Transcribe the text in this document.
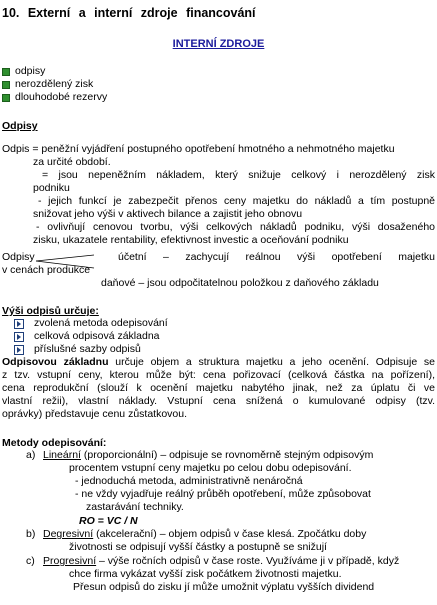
10. Externí a interní zdroje financování
INTERNÍ ZDROJE
odpisy
nerozdělený zisk
dlouhodobé rezervy
Odpisy
Odpis = peněžní vyjádření postupného opotřebení hmotného a nehmotného majetku
za určité období.
= jsou nepeněžním nákladem, který snižuje celkový i nerozdělený zisk
podniku
- jejich funkcí je zabezpečit přenos ceny majetku do nákladů a tím postupně
snižovat jeho výši v aktivech bilance a zajistit jeho obnovu
- ovlivňují cenovou tvorbu, výši celkových nákladů podniku, výši dosaženého
zisku, ukazatele rentability, efektivnost investic a oceňování podniku
Odpisy	účetní – zachycují reálnou výši opotřebení majetku
v cenách produkce
daňové – jsou odpočitatelnou položkou z daňového základu
Výši odpisů určuje:
zvolená metoda odepisování
celková odpisová základna
příslušné sazby odpisů
Odpisovou základnu určuje objem a struktura majetku a jeho ocenění. Odpisuje se
z tzv. vstupní ceny, kterou může být: cena pořizovací (celková částka na pořízení),
cena reprodukční (slouží k ocenění majetku nabytého jinak, než za úplatu či ve
vlastní režii), vlastní náklady. Vstupní cena snížená o kumulované odpisy (tzv.
oprávky) představuje cenu zůstatkovou.
Metody odepisování:
a) Lineární (proporcionální) – odpisuje se rovnoměrně stejným odpisovým
procentem vstupní ceny majetku po celou dobu odepisování.
- jednoduchá metoda, administrativně nenáročná
- ne vždy vyjadřuje reálný průběh opotřebení, může způsobovat
zastarávání techniky.
RO = VC / N
b) Degresivní (akcelerační) – objem odpisů v čase klesá. Zpočátku doby
životnosti se odpisují vyšší částky a postupně se snižují
c) Progresivní – výše ročních odpisů v čase roste. Využíváme ji v případě, když
chce firma vykázat vyšší zisk počátkem životnosti majetku.
Přesun odpisů do zisku jí může umožnit výplatu vyšších dividend
